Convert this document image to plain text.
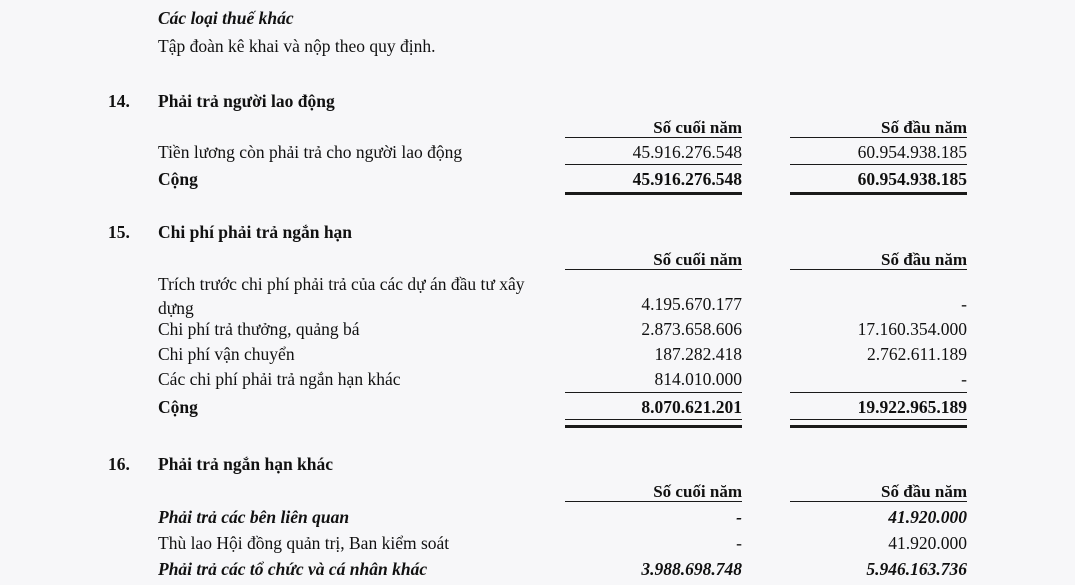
Các loại thuế khác
Tập đoàn kê khai và nộp theo quy định.
14. Phải trả người lao động
Số cuối năm	Số đầu năm
Tiền lương còn phải trả cho người lao động	45.916.276.548	60.954.938.185
Cộng	45.916.276.548	60.954.938.185
15. Chi phí phải trả ngắn hạn
Số cuối năm	Số đầu năm
Trích trước chi phí phải trả của các dự án đầu tư xây dựng	4.195.670.177	-
Chi phí trả thưởng, quảng bá	2.873.658.606	17.160.354.000
Chi phí vận chuyển	187.282.418	2.762.611.189
Các chi phí phải trả ngắn hạn khác	814.010.000	-
Cộng	8.070.621.201	19.922.965.189
16. Phải trả ngắn hạn khác
Số cuối năm	Số đầu năm
Phải trả các bên liên quan	-	41.920.000
Thù lao Hội đồng quản trị, Ban kiểm soát	-	41.920.000
Phải trả các tổ chức và cá nhân khác	3.988.698.748	5.946.163.736
